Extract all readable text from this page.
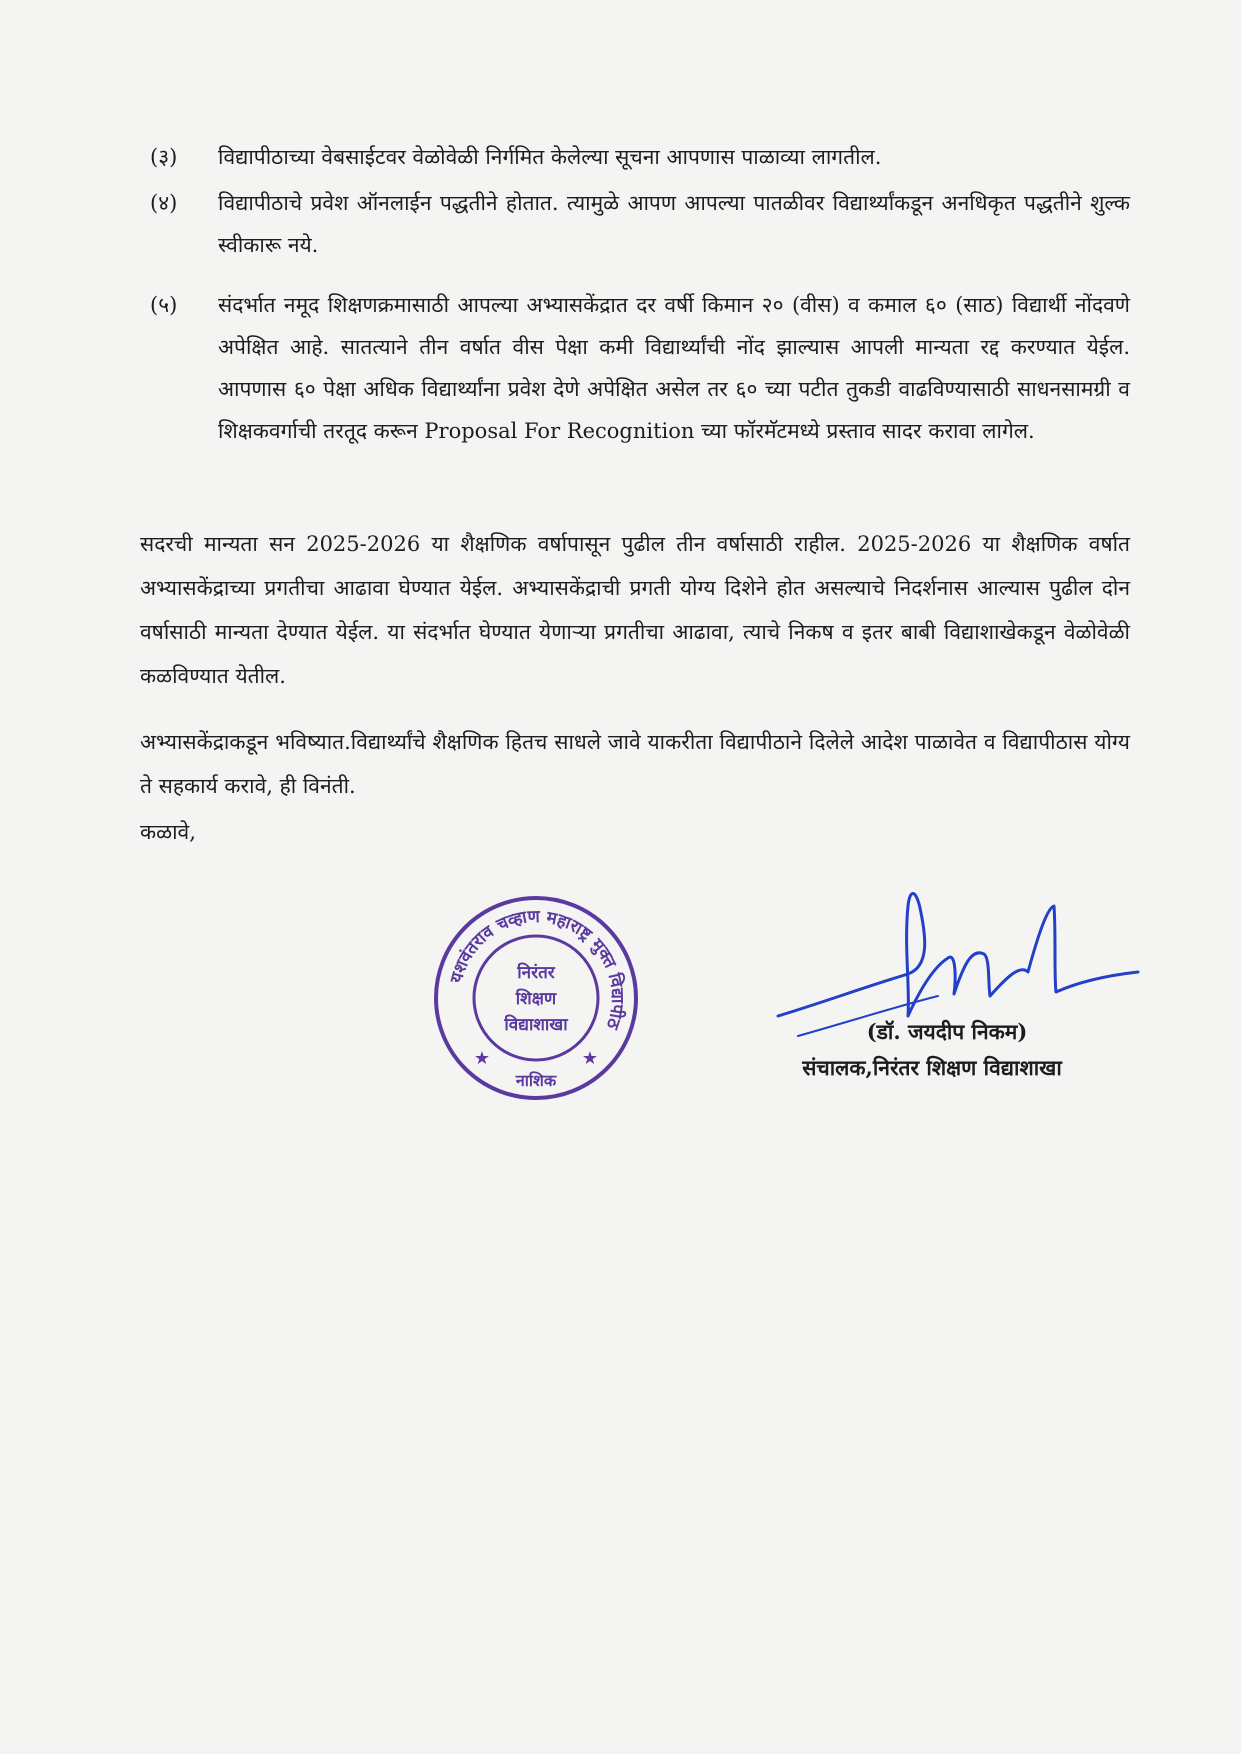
(३)	विद्यापीठाच्या वेबसाईटवर वेळोवेळी निर्गमित केलेल्या सूचना आपणास पाळाव्या लागतील.
(४)	विद्यापीठाचे प्रवेश ऑनलाईन पद्धतीने होतात. त्यामुळे आपण आपल्या पातळीवर विद्यार्थ्यांकडून अनधिकृत पद्धतीने शुल्क स्वीकारू नये.
(५)	संदर्भात नमूद शिक्षणक्रमासाठी आपल्या अभ्यासकेंद्रात दर वर्षी किमान २० (वीस) व कमाल ६० (साठ) विद्यार्थी नोंदवणे अपेक्षित आहे. सातत्याने तीन वर्षात वीस पेक्षा कमी विद्यार्थ्यांची नोंद झाल्यास आपली मान्यता रद्द करण्यात येईल. आपणास ६० पेक्षा अधिक विद्यार्थ्यांना प्रवेश देणे अपेक्षित असेल तर ६० च्या पटीत तुकडी वाढविण्यासाठी साधनसामग्री व शिक्षकवर्गाची तरतूद करून Proposal For Recognition च्या फॉरमॅटमध्ये प्रस्ताव सादर करावा लागेल.
सदरची मान्यता सन 2025-2026 या शैक्षणिक वर्षापासून पुढील तीन वर्षासाठी राहील. 2025-2026 या शैक्षणिक वर्षात अभ्यासकेंद्राच्या प्रगतीचा आढावा घेण्यात येईल. अभ्यासकेंद्राची प्रगती योग्य दिशेने होत असल्याचे निदर्शनास आल्यास पुढील दोन वर्षासाठी मान्यता देण्यात येईल. या संदर्भात घेण्यात येणाऱ्या प्रगतीचा आढावा, त्याचे निकष व इतर बाबी विद्याशाखेकडून वेळोवेळी कळविण्यात येतील.
अभ्यासकेंद्राकडून भविष्यात.विद्यार्थ्यांचे शैक्षणिक हितच साधले जावे याकरीता विद्यापीठाने दिलेले आदेश पाळावेत व विद्यापीठास योग्य ते सहकार्य करावे, ही विनंती.
कळावे,
यशवंतराव चव्हाण महाराष्ट्र मुक्त विद्यापीठ
निरंतर
शिक्षण
विद्याशाखा
★	★
नाशिक
(डॉ. जयदीप निकम)
संचालक,निरंतर शिक्षण विद्याशाखा
